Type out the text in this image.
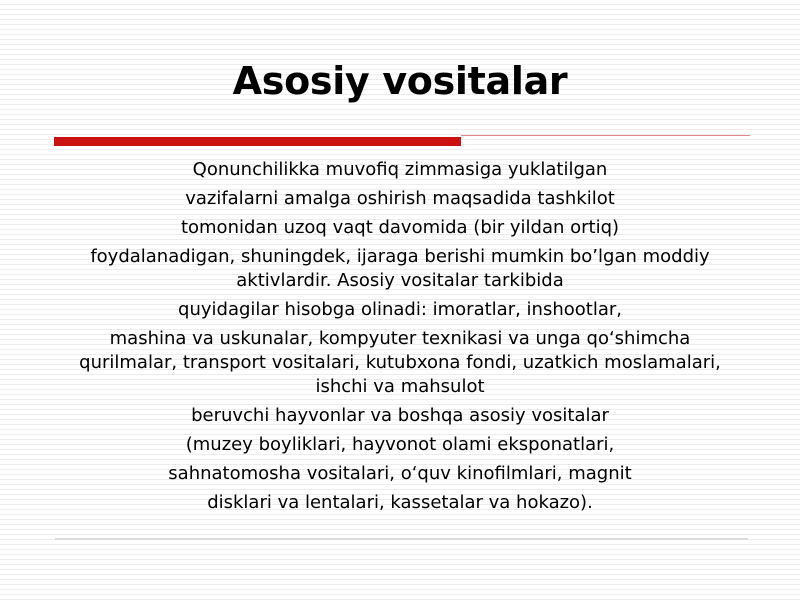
Asosiy vositalar

Qonunchilikka muvofiq zimmasiga yuklatilgan

vazifalarni amalga oshirish maqsadida tashkilot

tomonidan uzoq vaqt davomida (bir yildan ortiq)

foydalanadigan, shuningdek, ijaraga berishi mumkin bo’lgan moddiy aktivlardir. Asosiy vositalar tarkibida

quyidagilar hisobga olinadi: imoratlar, inshootlar,

mashina va uskunalar, kompyuter texnikasi va unga qo‘shimcha qurilmalar, transport vositalari, kutubxona fondi, uzatkich moslamalari, ishchi va mahsulot

beruvchi hayvonlar va boshqa asosiy vositalar

(muzey boyliklari, hayvonot olami eksponatlari,

sahnatomosha vositalari, o‘quv kinofilmlari, magnit

disklari va lentalari, kassetalar va hokazo).
